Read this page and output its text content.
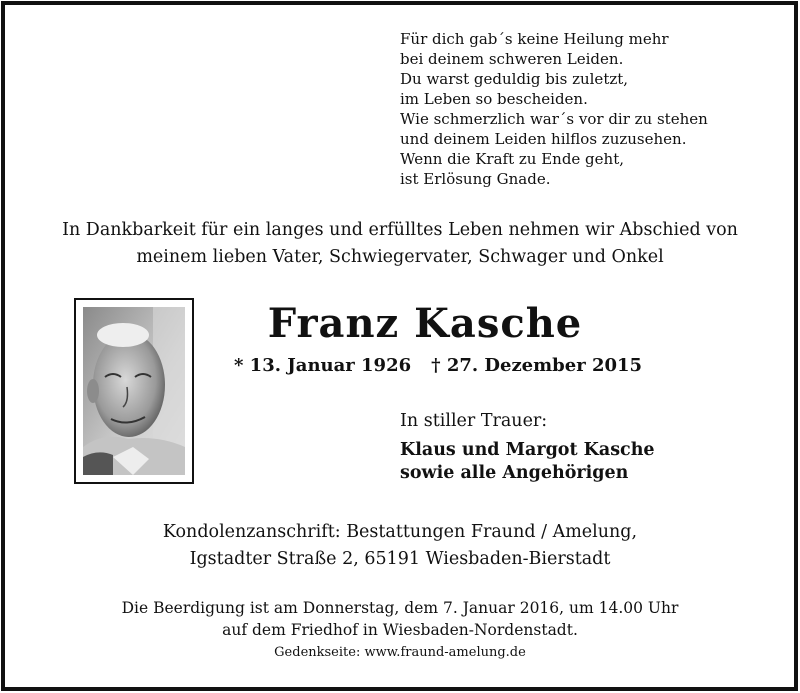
Für dich gab´s keine Heilung mehr
bei deinem schweren Leiden.
Du warst geduldig bis zuletzt,
im Leben so bescheiden.
Wie schmerzlich war´s vor dir zu stehen
und deinem Leiden hilflos zuzusehen.
Wenn die Kraft zu Ende geht,
ist Erlösung Gnade.
In Dankbarkeit für ein langes und erfülltes Leben nehmen wir Abschied von
meinem lieben Vater, Schwiegervater, Schwager und Onkel
Franz Kasche
* 13. Januar 1926 † 27. Dezember 2015
In stiller Trauer:
Klaus und Margot Kasche
sowie alle Angehörigen
Kondolenzanschrift: Bestattungen Fraund / Amelung,
Igstadter Straße 2, 65191 Wiesbaden-Bierstadt
Die Beerdigung ist am Donnerstag, dem 7. Januar 2016, um 14.00 Uhr
auf dem Friedhof in Wiesbaden-Nordenstadt.
Gedenkseite: www.fraund-amelung.de
